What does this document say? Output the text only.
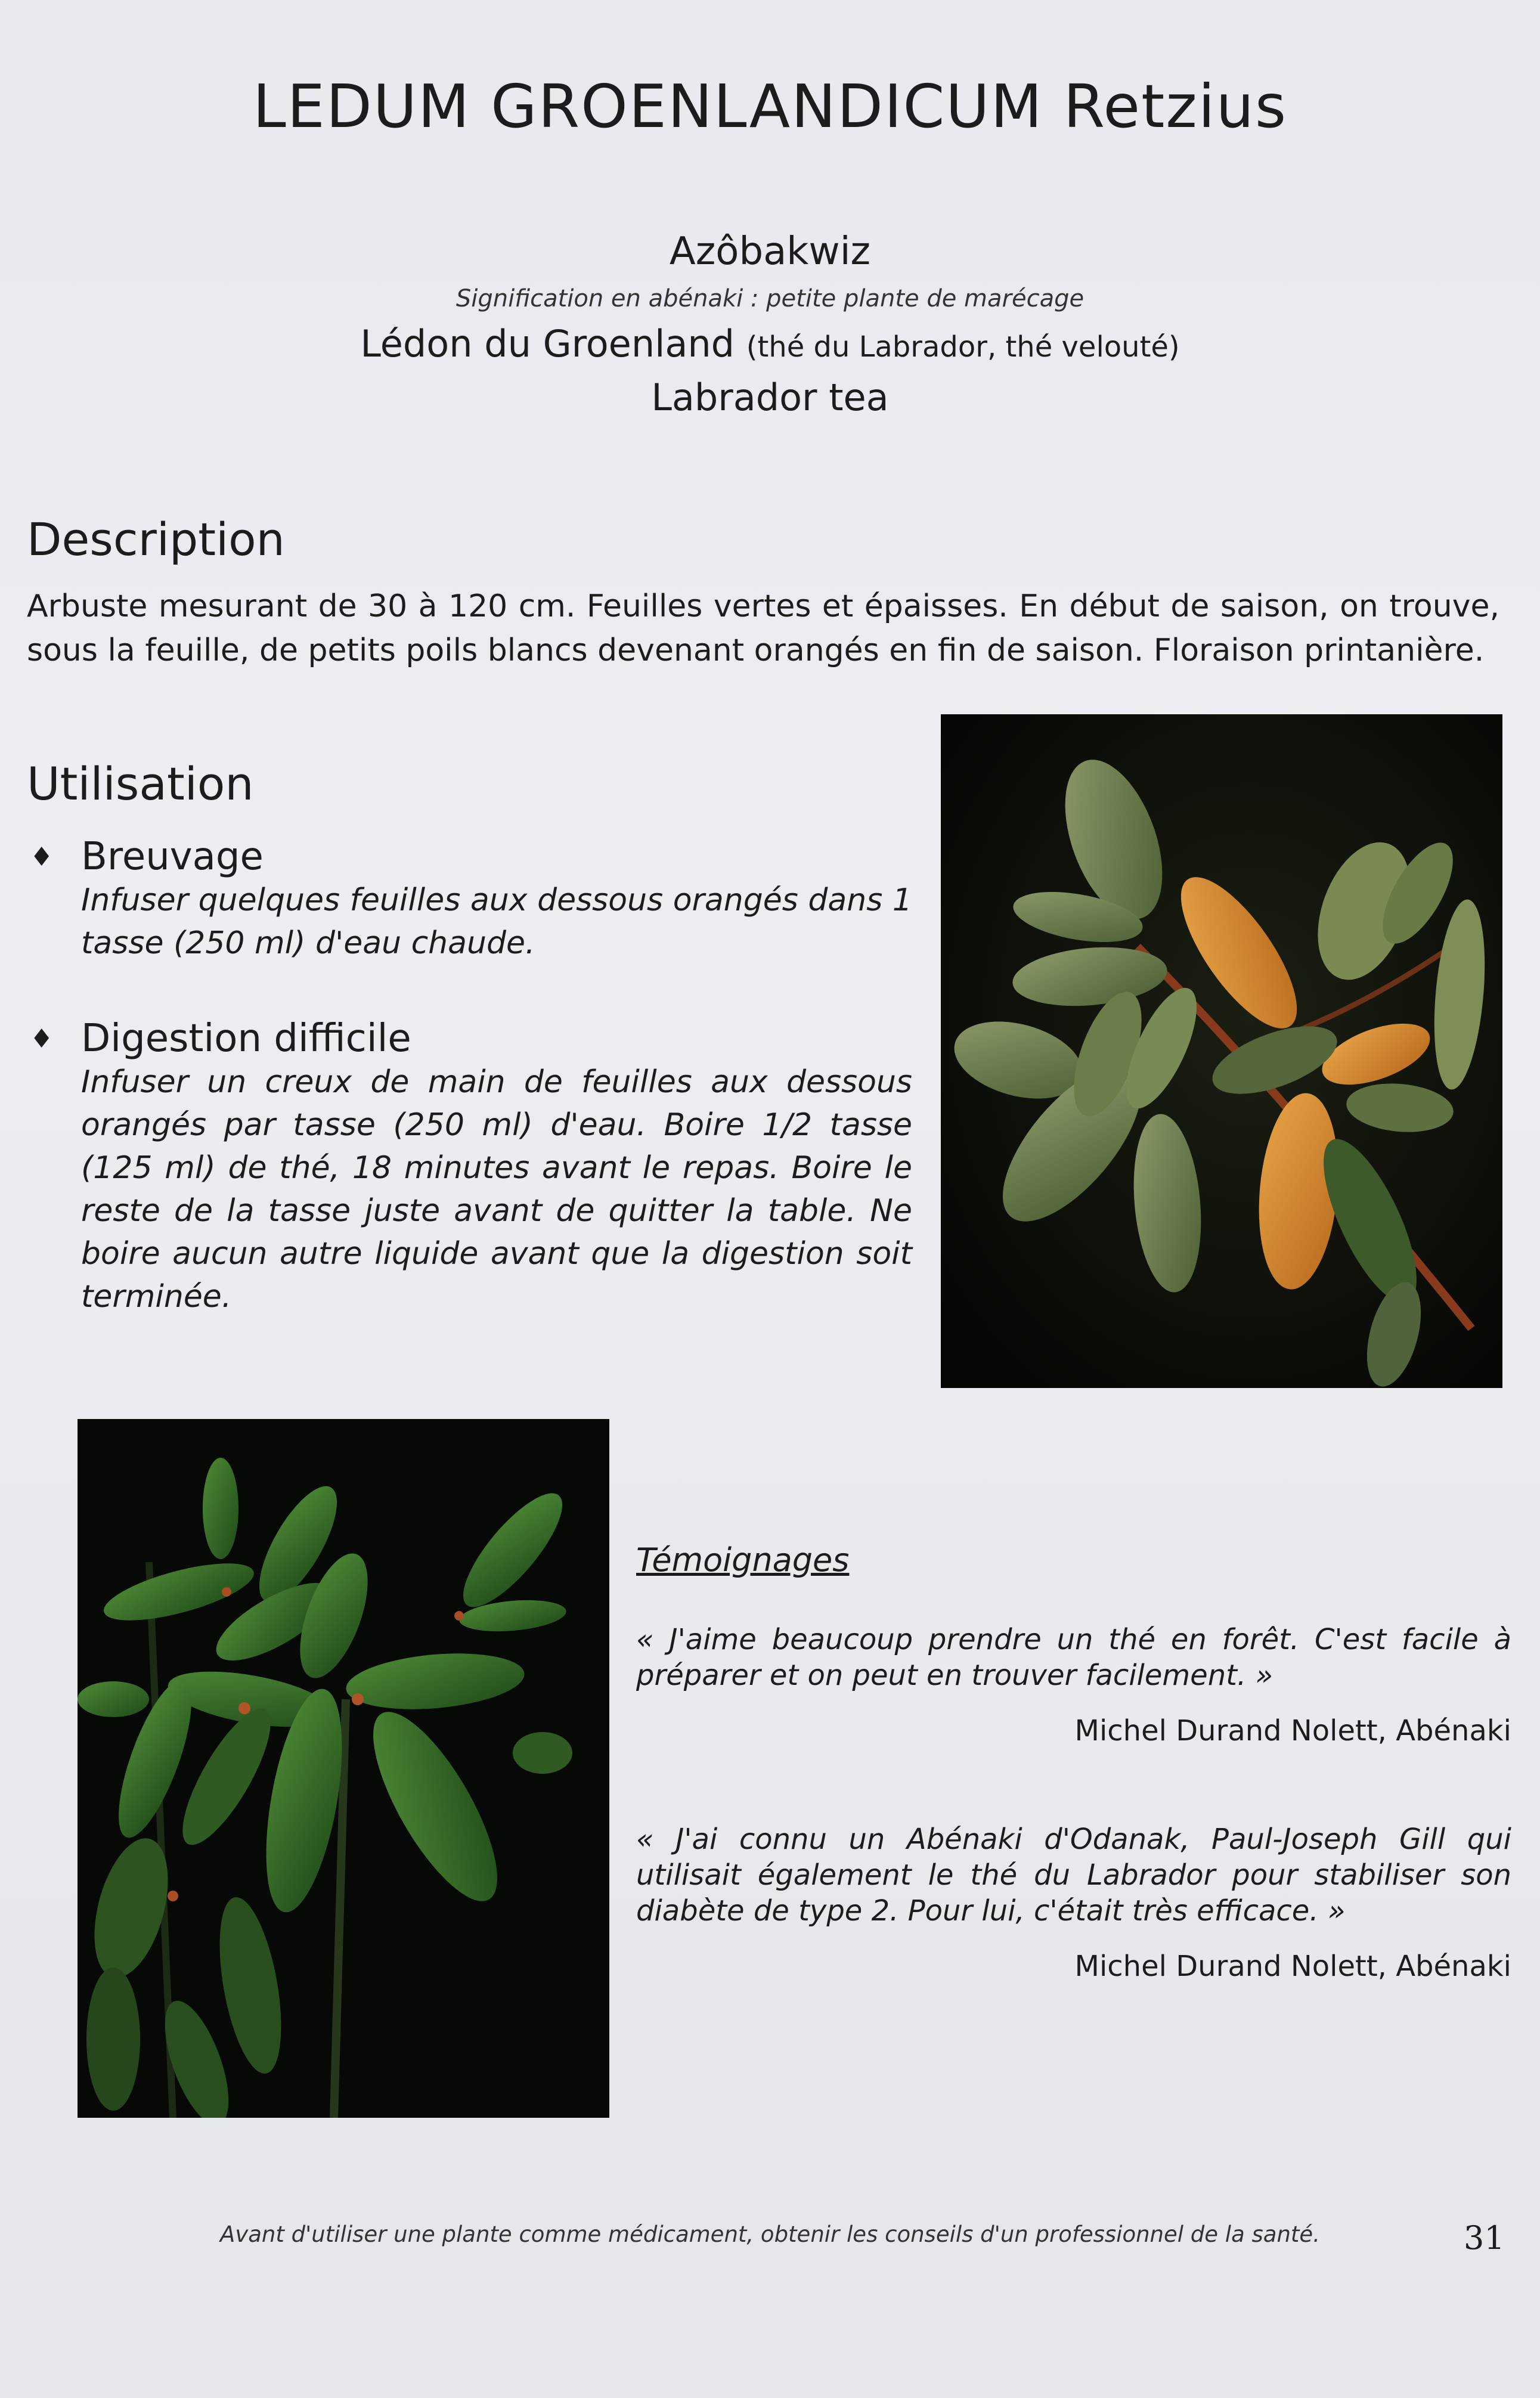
LEDUM GROENLANDICUM Retzius
Azôbakwiz
Signification en abénaki : petite plante de marécage
Lédon du Groenland (thé du Labrador, thé velouté)
Labrador tea
Description
Arbuste mesurant de 30 à 120 cm. Feuilles vertes et épaisses. En début de saison, on trouve, sous la feuille, de petits poils blancs devenant orangés en fin de saison. Floraison printanière.
Utilisation
♦ Breuvage
Infuser quelques feuilles aux dessous orangés dans 1 tasse (250 ml) d'eau chaude.
♦ Digestion difficile
Infuser un creux de main de feuilles aux dessous orangés par tasse (250 ml) d'eau. Boire 1/2 tasse (125 ml) de thé, 18 minutes avant le repas. Boire le reste de la tasse juste avant de quitter la table. Ne boire aucun autre liquide avant que la digestion soit terminée.
Témoignages
« J'aime beaucoup prendre un thé en forêt. C'est facile à préparer et on peut en trouver facilement. »
Michel Durand Nolett, Abénaki
« J'ai connu un Abénaki d'Odanak, Paul-Joseph Gill qui utilisait également le thé du Labrador pour stabiliser son diabète de type 2. Pour lui, c'était très efficace. »
Michel Durand Nolett, Abénaki
Avant d'utiliser une plante comme médicament, obtenir les conseils d'un professionnel de la santé.	31
